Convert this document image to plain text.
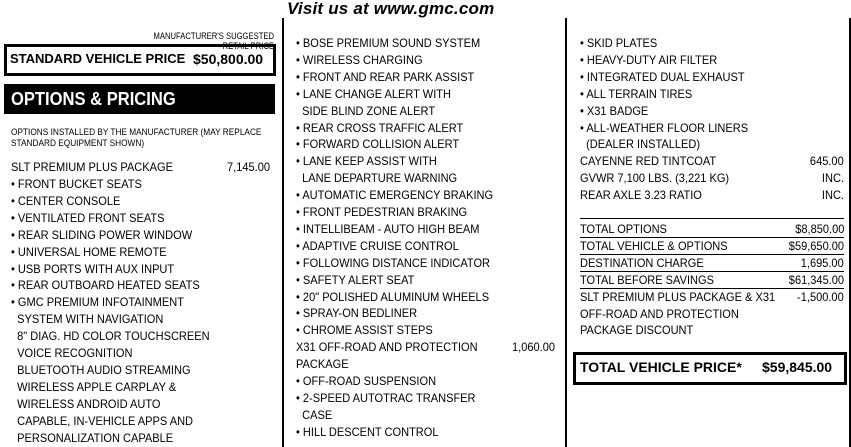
Visit us at www.gmc.com
MANUFACTURER'S SUGGESTED RETAIL PRICE
STANDARD VEHICLE PRICE $50,800.00
OPTIONS & PRICING
OPTIONS INSTALLED BY THE MANUFACTURER (MAY REPLACE
STANDARD EQUIPMENT SHOWN)
SLT PREMIUM PLUS PACKAGE	7,145.00
• FRONT BUCKET SEATS
• CENTER CONSOLE
• VENTILATED FRONT SEATS
• REAR SLIDING POWER WINDOW
• UNIVERSAL HOME REMOTE
• USB PORTS WITH AUX INPUT
• REAR OUTBOARD HEATED SEATS
• GMC PREMIUM INFOTAINMENT
SYSTEM WITH NAVIGATION
8" DIAG. HD COLOR TOUCHSCREEN
VOICE RECOGNITION
BLUETOOTH AUDIO STREAMING
WIRELESS APPLE CARPLAY &
WIRELESS ANDROID AUTO
CAPABLE, IN-VEHICLE APPS AND
PERSONALIZATION CAPABLE
• BOSE PREMIUM SOUND SYSTEM
• WIRELESS CHARGING
• FRONT AND REAR PARK ASSIST
• LANE CHANGE ALERT WITH
SIDE BLIND ZONE ALERT
• REAR CROSS TRAFFIC ALERT
• FORWARD COLLISION ALERT
• LANE KEEP ASSIST WITH
LANE DEPARTURE WARNING
• AUTOMATIC EMERGENCY BRAKING
• FRONT PEDESTRIAN BRAKING
• INTELLIBEAM - AUTO HIGH BEAM
• ADAPTIVE CRUISE CONTROL
• FOLLOWING DISTANCE INDICATOR
• SAFETY ALERT SEAT
• 20" POLISHED ALUMINUM WHEELS
• SPRAY-ON BEDLINER
• CHROME ASSIST STEPS
X31 OFF-ROAD AND PROTECTION	1,060.00
PACKAGE
• OFF-ROAD SUSPENSION
• 2-SPEED AUTOTRAC TRANSFER
CASE
• HILL DESCENT CONTROL
• SKID PLATES
• HEAVY-DUTY AIR FILTER
• INTEGRATED DUAL EXHAUST
• ALL TERRAIN TIRES
• X31 BADGE
• ALL-WEATHER FLOOR LINERS
(DEALER INSTALLED)
CAYENNE RED TINTCOAT	645.00
GVWR 7,100 LBS. (3,221 KG)	INC.
REAR AXLE 3.23 RATIO	INC.
TOTAL OPTIONS	$8,850.00
TOTAL VEHICLE & OPTIONS	$59,650.00
DESTINATION CHARGE	1,695.00
TOTAL BEFORE SAVINGS	$61,345.00
SLT PREMIUM PLUS PACKAGE & X31 -1,500.00
OFF-ROAD AND PROTECTION
PACKAGE DISCOUNT
TOTAL VEHICLE PRICE* $59,845.00
